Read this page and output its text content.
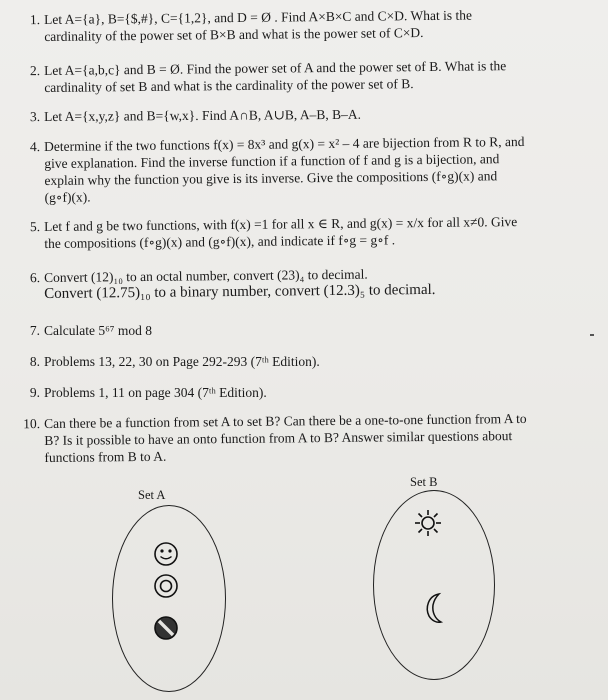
1. Let A={a}, B={$,#}, C={1,2}, and D = Ø . Find A×B×C and C×D. What is the
cardinality of the power set of B×B and what is the power set of C×D.
2. Let A={a,b,c} and B = Ø. Find the power set of A and the power set of B. What is the
cardinality of set B and what is the cardinality of the power set of B.
3. Let A={x,y,z} and B={w,x}. Find A∩B, A∪B, A–B, B–A.
4. Determine if the two functions f(x) = 8x³ and g(x) = x² – 4 are bijection from R to R, and
give explanation. Find the inverse function if a function of f and g is a bijection, and
explain why the function you give is its inverse. Give the compositions (f∘g)(x) and
(g∘f)(x).
5. Let f and g be two functions, with f(x) =1 for all x ∈ R, and g(x) = x/x for all x≠0. Give
the compositions (f∘g)(x) and (g∘f)(x), and indicate if f∘g = g∘f .
6. Convert (12)₁₀ to an octal number, convert (23)₄ to decimal.
Convert (12.75)₁₀ to a binary number, convert (12.3)₅ to decimal.
7. Calculate 5⁶⁷ mod 8
8. Problems 13, 22, 30 on Page 292-293 (7ᵗʰ Edition).
9. Problems 1, 11 on page 304 (7ᵗʰ Edition).
10. Can there be a function from set A to set B? Can there be a one-to-one function from A to
B? Is it possible to have an onto function from A to B? Answer similar questions about
functions from B to A.
Set A
Set B
